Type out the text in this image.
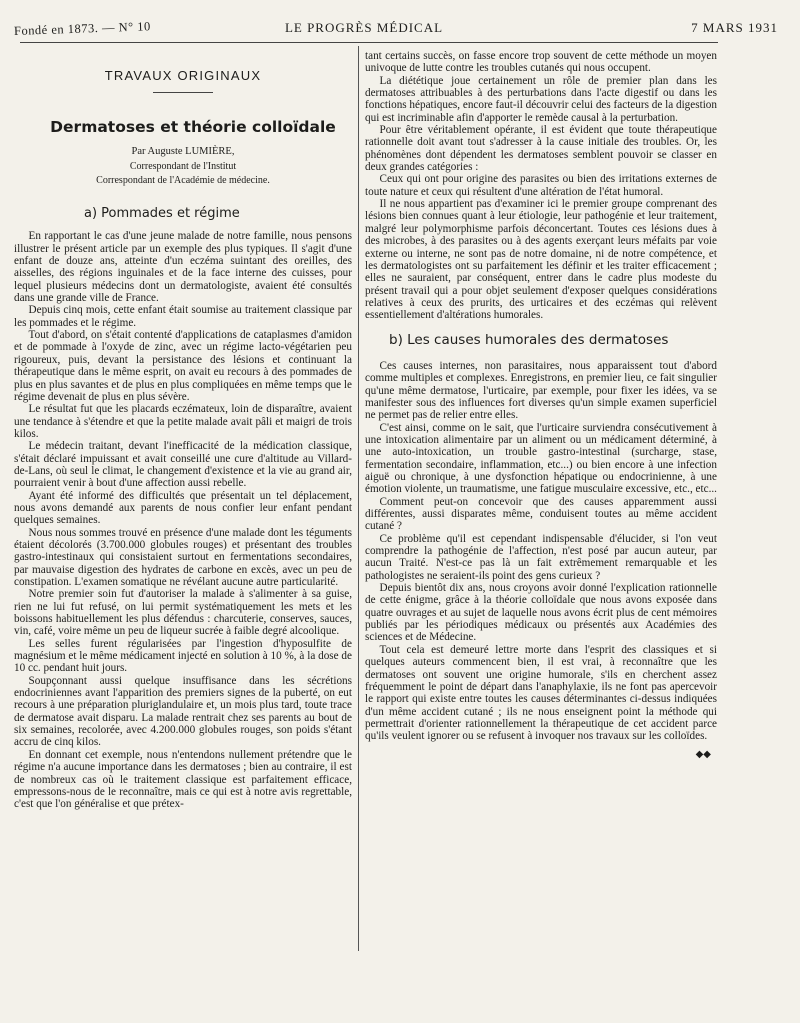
Fondé en 1873. — N° 10	LE PROGRÈS MÉDICAL	7 MARS 1931
TRAVAUX ORIGINAUX
Dermatoses et théorie colloïdale
Par Auguste LUMIÈRE,
Correspondant de l'Institut
Correspondant de l'Académie de médecine.
a) Pommades et régime

En rapportant le cas d'une jeune malade de notre famille, nous pensons illustrer le présent article par un exemple des plus typiques. Il s'agit d'une enfant de douze ans, atteinte d'un eczéma suintant des oreilles, des aisselles, des régions inguinales et de la face interne des cuisses, pour lequel plusieurs médecins dont un dermatologiste, avaient été consultés dans une grande ville de France.

Depuis cinq mois, cette enfant était soumise au traitement classique par les pommades et le régime.

Tout d'abord, on s'était contenté d'applications de cataplasmes d'amidon et de pommade à l'oxyde de zinc, avec un régime lacto-végétarien peu rigoureux, puis, devant la persistance des lésions et continuant la thérapeutique dans le même esprit, on avait eu recours à des pommades de plus en plus savantes et de plus en plus compliquées en même temps que le régime devenait de plus en plus sévère.

Le résultat fut que les placards eczémateux, loin de disparaître, avaient une tendance à s'étendre et que la petite malade avait pâli et maigri de trois kilos.

Le médecin traitant, devant l'inefficacité de la médication classique, s'était déclaré impuissant et avait conseillé une cure d'altitude au Villard-de-Lans, où seul le climat, le changement d'existence et la vie au grand air, pourraient venir à bout d'une affection aussi rebelle.

Ayant été informé des difficultés que présentait un tel déplacement, nous avons demandé aux parents de nous confier leur enfant pendant quelques semaines.

Nous nous sommes trouvé en présence d'une malade dont les téguments étaient décolorés (3.700.000 globules rouges) et présentant des troubles gastro-intestinaux qui consistaient surtout en fermentations secondaires, par mauvaise digestion des hydrates de carbone en excès, avec un peu de constipation. L'examen somatique ne révélant aucune autre particularité.

Notre premier soin fut d'autoriser la malade à s'alimenter à sa guise, rien ne lui fut refusé, on lui permit systématiquement les mets et les boissons habituellement les plus défendus : charcuterie, conserves, sauces, vin, café, voire même un peu de liqueur sucrée à faible degré alcoolique.

Les selles furent régularisées par l'ingestion d'hyposulfite de magnésium et le même médicament injecté en solution à 10 %, à la dose de 10 cc. pendant huit jours.

Soupçonnant aussi quelque insuffisance dans les sécrétions endocriniennes avant l'apparition des premiers signes de la puberté, on eut recours à une préparation pluriglandulaire et, un mois plus tard, toute trace de dermatose avait disparu. La malade rentrait chez ses parents au bout de six semaines, recolorée, avec 4.200.000 globules rouges, son poids s'étant accru de cinq kilos.

En donnant cet exemple, nous n'entendons nullement prétendre que le régime n'a aucune importance dans les dermatoses ; bien au contraire, il est de nombreux cas où le traitement classique est parfaitement efficace, empressons-nous de le reconnaître, mais ce qui est à notre avis regrettable, c'est que l'on généralise et que prétex-

tant certains succès, on fasse encore trop souvent de cette méthode un moyen univoque de lutte contre les troubles cutanés qui nous occupent.

La diététique joue certainement un rôle de premier plan dans les dermatoses attribuables à des perturbations dans l'acte digestif ou dans les fonctions hépatiques, encore faut-il découvrir celui des facteurs de la digestion qui est incriminable afin d'apporter le remède causal à la perturbation.

Pour être véritablement opérante, il est évident que toute thérapeutique rationnelle doit avant tout s'adresser à la cause initiale des troubles. Or, les phénomènes dont dépendent les dermatoses semblent pouvoir se classer en deux grandes catégories :

Ceux qui ont pour origine des parasites ou bien des irritations externes de toute nature et ceux qui résultent d'une altération de l'état humoral.

Il ne nous appartient pas d'examiner ici le premier groupe comprenant des lésions bien connues quant à leur étiologie, leur pathogénie et leur traitement, malgré leur polymorphisme parfois déconcertant. Toutes ces lésions dues à des microbes, à des parasites ou à des agents exerçant leurs méfaits par voie externe ou interne, ne sont pas de notre domaine, ni de notre compétence, et les dermatologistes ont su parfaitement les définir et les traiter efficacement ; elles ne sauraient, par conséquent, entrer dans le cadre plus modeste du présent travail qui a pour objet seulement d'exposer quelques considérations relatives à ceux des prurits, des urticaires et des eczémas qui relèvent essentiellement d'altérations humorales.

b) Les causes humorales des dermatoses

Ces causes internes, non parasitaires, nous apparaissent tout d'abord comme multiples et complexes. Enregistrons, en premier lieu, ce fait singulier qu'une même dermatose, l'urticaire, par exemple, pour fixer les idées, va se manifester sous des influences fort diverses qu'un simple examen superficiel ne permet pas de relier entre elles.

C'est ainsi, comme on le sait, que l'urticaire surviendra consécutivement à une intoxication alimentaire par un aliment ou un médicament déterminé, à une auto-intoxication, un trouble gastro-intestinal (surcharge, stase, fermentation secondaire, inflammation, etc...) ou bien encore à une infection aiguë ou chronique, à une dysfonction hépatique ou endocrinienne, à une émotion violente, un traumatisme, une fatigue musculaire excessive, etc., etc...

Comment peut-on concevoir que des causes apparemment aussi différentes, aussi disparates même, conduisent toutes au même accident cutané ?

Ce problème qu'il est cependant indispensable d'élucider, si l'on veut comprendre la pathogénie de l'affection, n'est posé par aucun auteur, par aucun Traité. N'est-ce pas là un fait extrêmement remarquable et les pathologistes ne seraient-ils point des gens curieux ?

Depuis bientôt dix ans, nous croyons avoir donné l'explication rationnelle de cette énigme, grâce à la théorie colloïdale que nous avons exposée dans quatre ouvrages et au sujet de laquelle nous avons écrit plus de cent mémoires publiés par les périodiques médicaux ou présentés aux Académies des sciences et de Médecine.

Tout cela est demeuré lettre morte dans l'esprit des classiques et si quelques auteurs commencent bien, il est vrai, à reconnaître que les dermatoses ont souvent une origine humorale, s'ils en cherchent assez fréquemment le point de départ dans l'anaphylaxie, ils ne font pas apercevoir le rapport qui existe entre toutes les causes déterminantes ci-dessus indiquées d'un même accident cutané ; ils ne nous enseignent point la méthode qui permettrait d'orienter rationnellement la thérapeutique de cet accident parce qu'ils veulent ignorer ou se refusent à invoquer nos travaux sur les colloïdes.

◆◆
